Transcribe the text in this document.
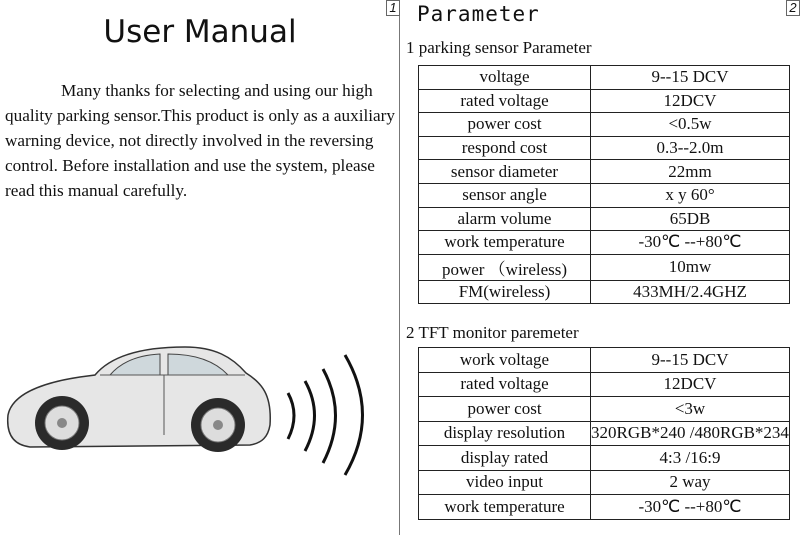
User Manual
Many thanks for selecting and using our high quality parking sensor.This product is only as a auxiliary warning device, not directly involved in the reversing control. Before installation and use the system, please read this manual carefully.
1 Parameter	2
1 parking sensor Parameter
voltage	9--15 DCV
rated voltage	12DCV
power cost	<0.5w
respond cost	0.3--2.0m
sensor diameter	22mm
sensor angle	x y 60°
alarm volume	65DB
work temperature	-30℃ --+80℃
power （wireless)	10mw
FM(wireless)	433MH/2.4GHZ
2 TFT monitor paremeter
work voltage	9--15 DCV
rated voltage	12DCV
power cost	<3w
display resolution	320RGB*240 /480RGB*234
display rated	4:3 /16:9
video input	2 way
work temperature	-30℃ --+80℃
